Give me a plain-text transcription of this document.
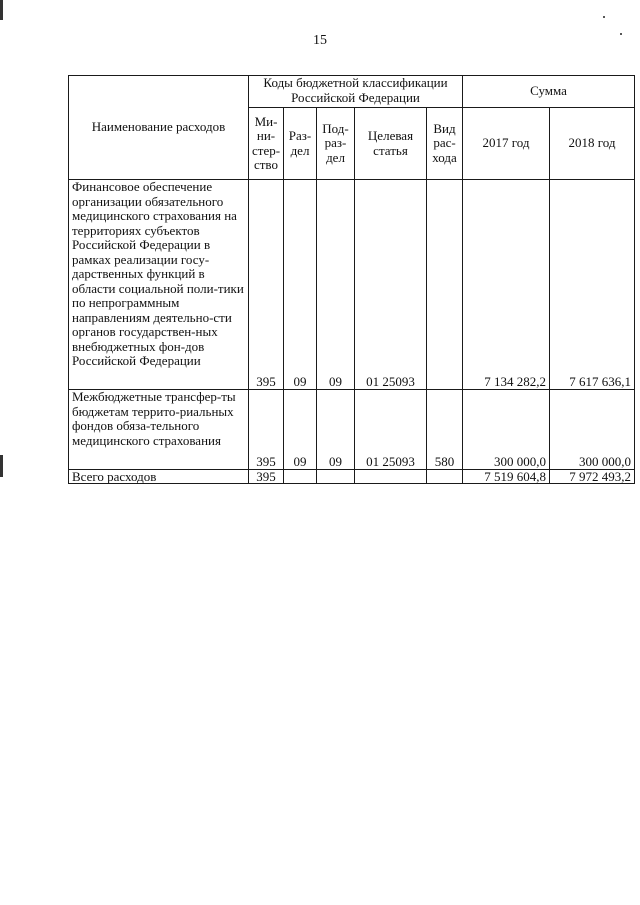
15
Наименование расходов	Коды бюджетной классификации Российской Федерации					Сумма	
	Ми-ни-стер-ство	Раз-дел	Под-раз-дел	Целевая статья	Вид рас-хода	2017 год	2018 год
Финансовое обеспечение организации обязательного медицинского страхования на территориях субъектов Российской Федерации в рамках реализации госу-дарственных функций в области социальной поли-тики по непрограммным направлениям деятельно-сти органов государствен-ных внебюджетных фон-дов Российской Федерации	395	09	09	01 25093		7 134 282,2	7 617 636,1
Межбюджетные трансфер-ты бюджетам террито-риальных фондов обяза-тельного медицинского страхования	395	09	09	01 25093	580	300 000,0	300 000,0
Всего расходов	395					7 519 604,8	7 972 493,2
